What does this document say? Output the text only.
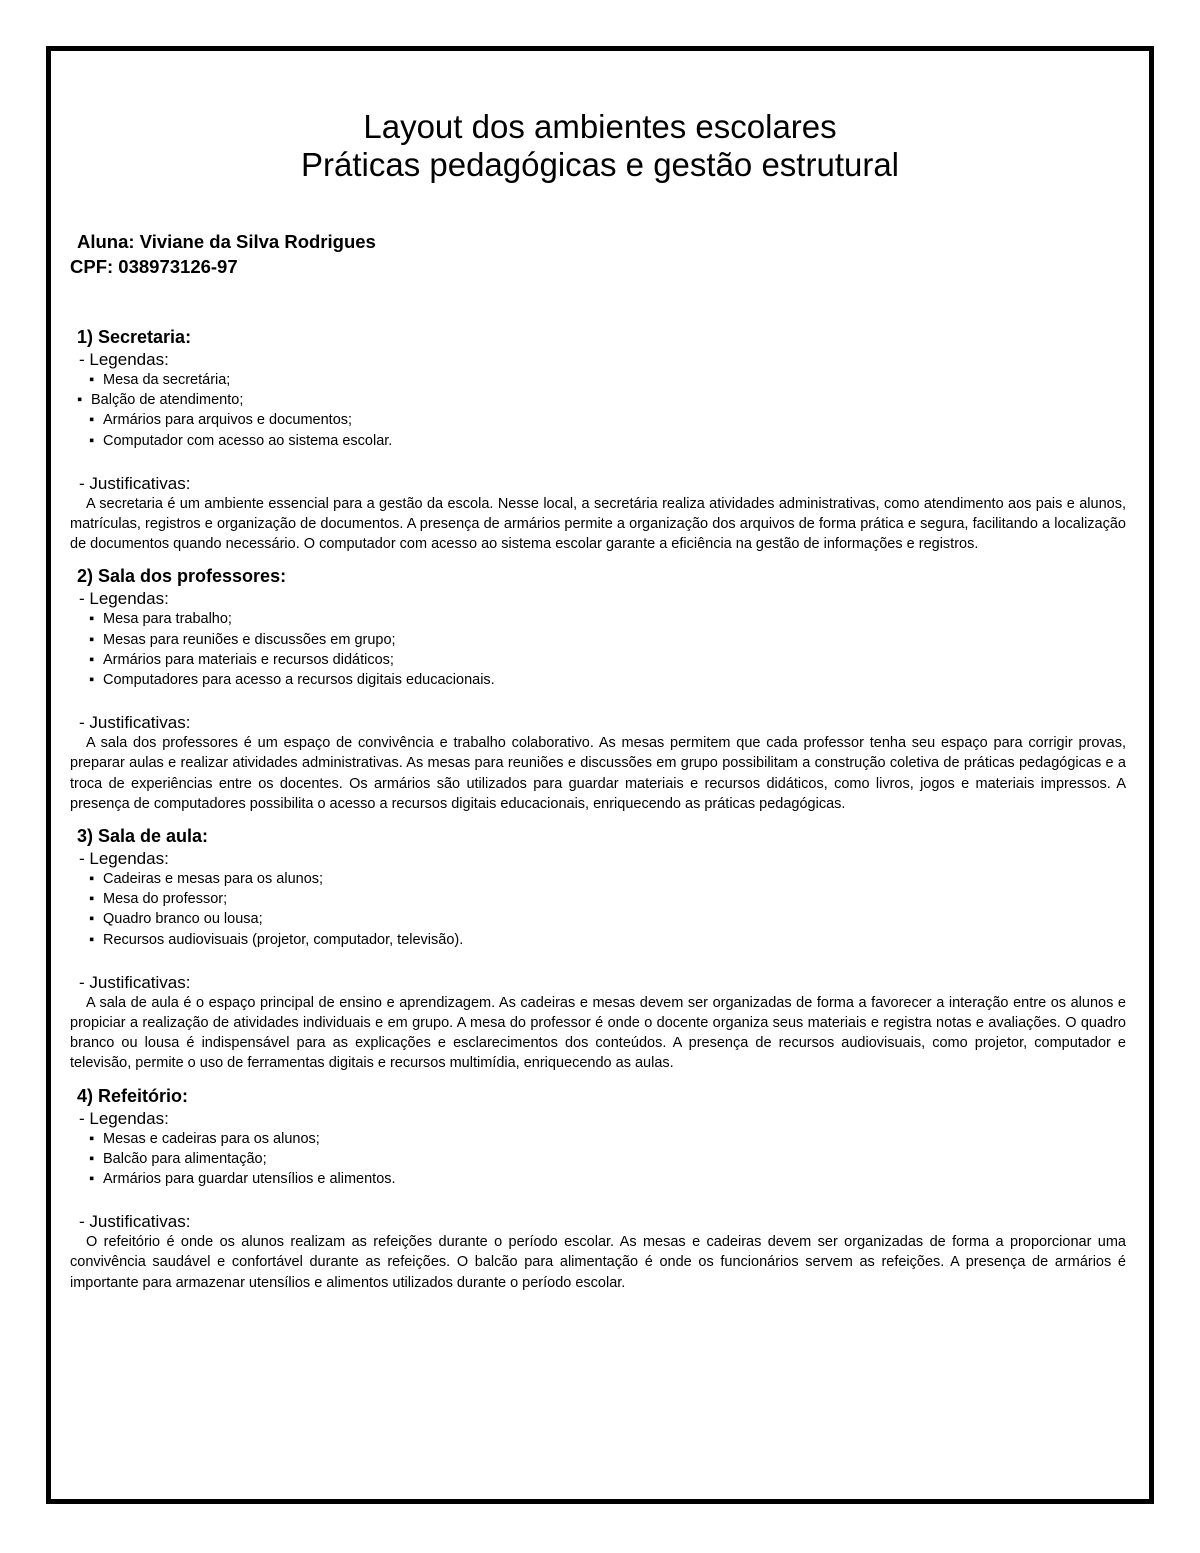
Layout dos ambientes escolares
Práticas pedagógicas e gestão estrutural
Aluna: Viviane da Silva Rodrigues
CPF: 038973126-97
1) Secretaria:
- Legendas:
▪ Mesa da secretária;
▪ Balção de atendimento;
▪ Armários para arquivos e documentos;
▪ Computador com acesso ao sistema escolar.
- Justificativas:

A secretaria é um ambiente essencial para a gestão da escola. Nesse local, a secretária realiza atividades administrativas, como atendimento aos pais e alunos, matrículas, registros e organização de documentos. A presença de armários permite a organização dos arquivos de forma prática e segura, facilitando a localização de documentos quando necessário. O computador com acesso ao sistema escolar garante a eficiência na gestão de informações e registros.

2) Sala dos professores:
- Legendas:
▪ Mesa para trabalho;
▪ Mesas para reuniões e discussões em grupo;
▪ Armários para materiais e recursos didáticos;
▪ Computadores para acesso a recursos digitais educacionais.
- Justificativas:

A sala dos professores é um espaço de convivência e trabalho colaborativo. As mesas permitem que cada professor tenha seu espaço para corrigir provas, preparar aulas e realizar atividades administrativas. As mesas para reuniões e discussões em grupo possibilitam a construção coletiva de práticas pedagógicas e a troca de experiências entre os docentes. Os armários são utilizados para guardar materiais e recursos didáticos, como livros, jogos e materiais impressos. A presença de computadores possibilita o acesso a recursos digitais educacionais, enriquecendo as práticas pedagógicas.

3) Sala de aula:
- Legendas:
▪ Cadeiras e mesas para os alunos;
▪ Mesa do professor;
▪ Quadro branco ou lousa;
▪ Recursos audiovisuais (projetor, computador, televisão).
- Justificativas:

A sala de aula é o espaço principal de ensino e aprendizagem. As cadeiras e mesas devem ser organizadas de forma a favorecer a interação entre os alunos e propiciar a realização de atividades individuais e em grupo. A mesa do professor é onde o docente organiza seus materiais e registra notas e avaliações. O quadro branco ou lousa é indispensável para as explicações e esclarecimentos dos conteúdos. A presença de recursos audiovisuais, como projetor, computador e televisão, permite o uso de ferramentas digitais e recursos multimídia, enriquecendo as aulas.

4) Refeitório:
- Legendas:
▪ Mesas e cadeiras para os alunos;
▪ Balcão para alimentação;
▪ Armários para guardar utensílios e alimentos.
- Justificativas:

O refeitório é onde os alunos realizam as refeições durante o período escolar. As mesas e cadeiras devem ser organizadas de forma a proporcionar uma convivência saudável e confortável durante as refeições. O balcão para alimentação é onde os funcionários servem as refeições. A presença de armários é importante para armazenar utensílios e alimentos utilizados durante o período escolar.
